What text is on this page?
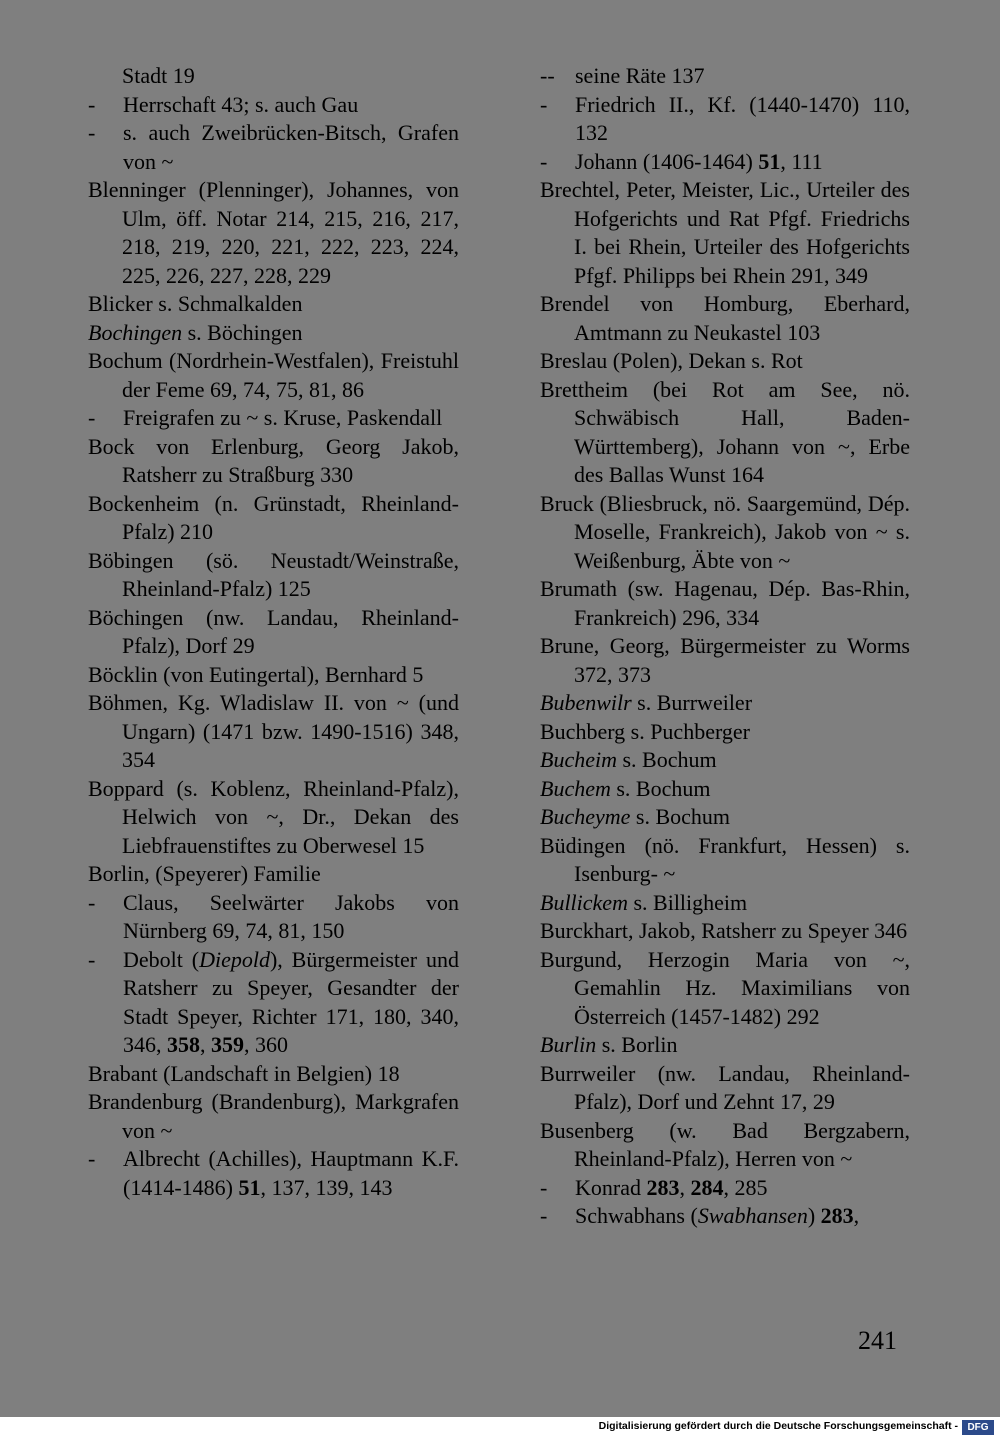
Stadt 19
- Herrschaft 43; s. auch Gau
- s. auch Zweibrücken-Bitsch, Grafen von ~
Blenninger (Plenninger), Johannes, von Ulm, öff. Notar 214, 215, 216, 217, 218, 219, 220, 221, 222, 223, 224, 225, 226, 227, 228, 229
Blicker s. Schmalkalden
Bochingen s. Böchingen
Bochum (Nordrhein-Westfalen), Freistuhl der Feme 69, 74, 75, 81, 86
- Freigrafen zu ~ s. Kruse, Paskendall
Bock von Erlenburg, Georg Jakob, Ratsherr zu Straßburg 330
Bockenheim (n. Grünstadt, Rheinland-Pfalz) 210
Böbingen (sö. Neustadt/Weinstraße, Rheinland-Pfalz) 125
Böchingen (nw. Landau, Rheinland-Pfalz), Dorf 29
Böcklin (von Eutingertal), Bernhard 5
Böhmen, Kg. Wladislaw II. von ~ (und Ungarn) (1471 bzw. 1490-1516) 348, 354
Boppard (s. Koblenz, Rheinland-Pfalz), Helwich von ~, Dr., Dekan des Liebfrauenstiftes zu Oberwesel 15
Borlin, (Speyerer) Familie
- Claus, Seelwärter Jakobs von Nürnberg 69, 74, 81, 150
- Debolt (Diepold), Bürgermeister und Ratsherr zu Speyer, Gesandter der Stadt Speyer, Richter 171, 180, 340, 346, 358, 359, 360
Brabant (Landschaft in Belgien) 18
Brandenburg (Brandenburg), Markgrafen von ~
- Albrecht (Achilles), Hauptmann K.F. (1414-1486) 51, 137, 139, 143
-- seine Räte 137
- Friedrich II., Kf. (1440-1470) 110, 132
- Johann (1406-1464) 51, 111
Brechtel, Peter, Meister, Lic., Urteiler des Hofgerichts und Rat Pfgf. Friedrichs I. bei Rhein, Urteiler des Hofgerichts Pfgf. Philipps bei Rhein 291, 349
Brendel von Homburg, Eberhard, Amtmann zu Neukastel 103
Breslau (Polen), Dekan s. Rot
Brettheim (bei Rot am See, nö. Schwäbisch Hall, Baden-Württemberg), Johann von ~, Erbe des Ballas Wunst 164
Bruck (Bliesbruck, nö. Saargemünd, Dép. Moselle, Frankreich), Jakob von ~ s. Weißenburg, Äbte von ~
Brumath (sw. Hagenau, Dép. Bas-Rhin, Frankreich) 296, 334
Brune, Georg, Bürgermeister zu Worms 372, 373
Bubenwilr s. Burrweiler
Buchberg s. Puchberger
Bucheim s. Bochum
Buchem s. Bochum
Bucheyme s. Bochum
Büdingen (nö. Frankfurt, Hessen) s. Isenburg- ~
Bullickem s. Billigheim
Burckhart, Jakob, Ratsherr zu Speyer 346
Burgund, Herzogin Maria von ~, Gemahlin Hz. Maximilians von Österreich (1457-1482) 292
Burlin s. Borlin
Burrweiler (nw. Landau, Rheinland-Pfalz), Dorf und Zehnt 17, 29
Busenberg (w. Bad Bergzabern, Rheinland-Pfalz), Herren von ~
- Konrad 283, 284, 285
- Schwabhans (Swabhansen) 283,
241
Digitalisierung gefördert durch die Deutsche Forschungsgemeinschaft - DFG
